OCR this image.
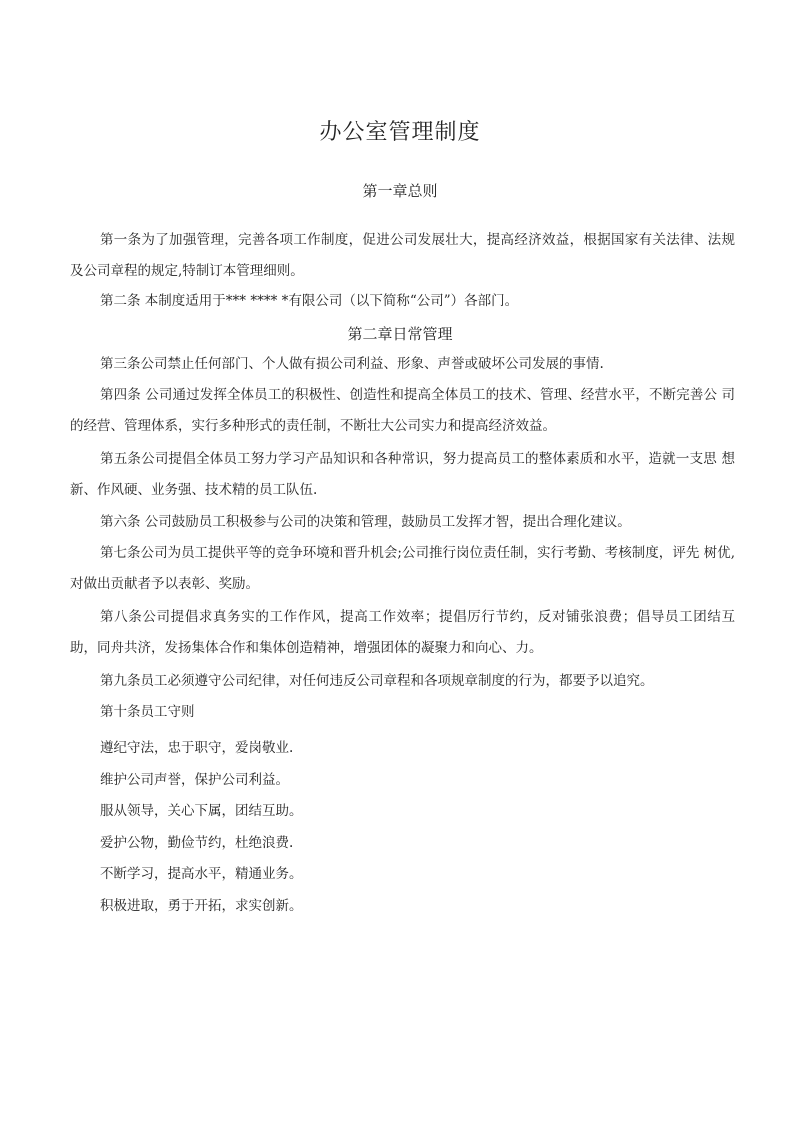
办公室管理制度
第一章总则

第一条为了加强管理，完善各项工作制度，促进公司发展壮大，提高经济效益，根据国家有关法律、法规 及公司章程的规定,特制订本管理细则。

第二条 本制度适用于*** **** *有限公司（以下简称“公司”）各部门。

第二章日常管理

第三条公司禁止任何部门、个人做有损公司利益、形象、声誉或破坏公司发展的事情.

第四条 公司通过发挥全体员工的积极性、创造性和提高全体员工的技术、管理、经营水平，不断完善公 司的经营、管理体系，实行多种形式的责任制，不断壮大公司实力和提高经济效益。

第五条公司提倡全体员工努力学习产品知识和各种常识，努力提高员工的整体素质和水平，造就一支思 想新、作风硬、业务强、技术精的员工队伍.

第六条 公司鼓励员工积极参与公司的决策和管理，鼓励员工发挥才智，提出合理化建议。

第七条公司为员工提供平等的竞争环境和晋升机会;公司推行岗位责任制，实行考勤、考核制度，评先 树优,对做出贡献者予以表彰、奖励。

第八条公司提倡求真务实的工作作风，提高工作效率；提倡厉行节约，反对铺张浪费；倡导员工团结互 助，同舟共济，发扬集体合作和集体创造精神，增强团体的凝聚力和向心、力。

第九条员工必须遵守公司纪律，对任何违反公司章程和各项规章制度的行为，都要予以追究。

第十条员工守则

遵纪守法，忠于职守，爱岗敬业.

维护公司声誉，保护公司利益。

服从领导，关心下属，团结互助。

爱护公物，勤俭节约，杜绝浪费.

不断学习，提高水平，精通业务。

积极进取，勇于开拓，求实创新。
